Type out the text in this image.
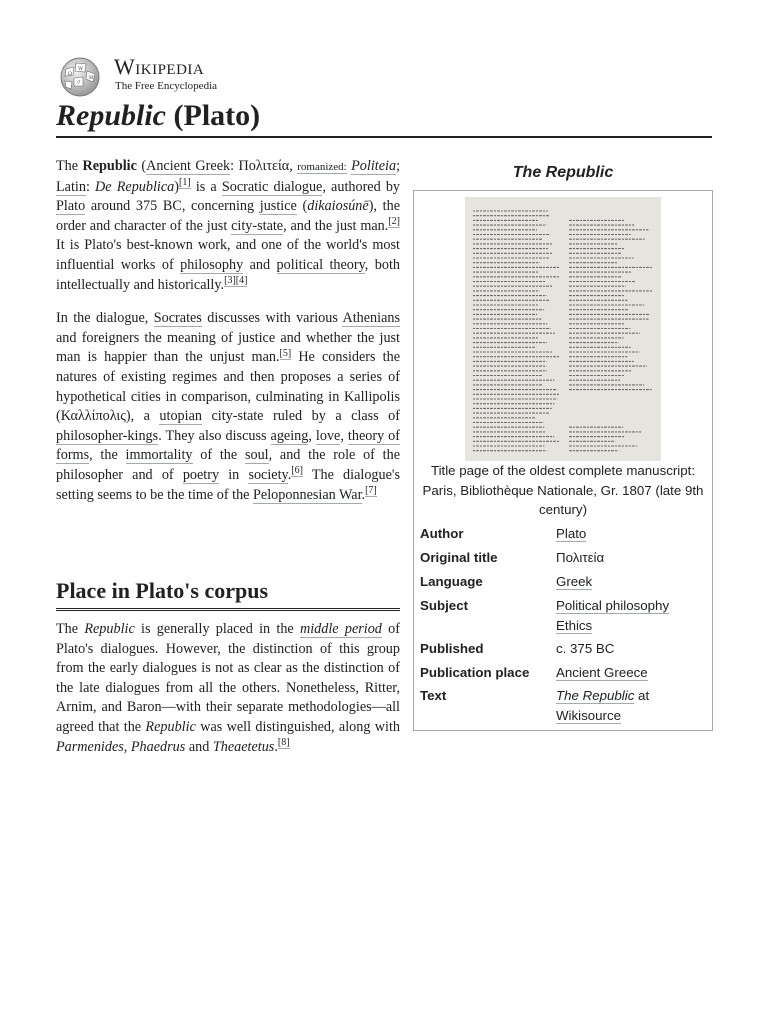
Ω
W
И
ウ
Wikipedia
The Free Encyclopedia
Republic (Plato)

The Republic (Ancient Greek: Πολιτεία, romanized: Politeia; Latin: De Republica)[1] is a Socratic dialogue, authored by Plato around 375 BC, concerning justice (dikaiosúnē), the order and character of the just city-state, and the just man.[2] It is Plato's best-known work, and one of the world's most influential works of philosophy and political theory, both intellectually and historically.[3][4]

In the dialogue, Socrates discusses with various Athenians and foreigners the meaning of justice and whether the just man is happier than the unjust man.[5] He considers the natures of existing regimes and then proposes a series of hypothetical cities in comparison, culminating in Kallipolis (Καλλίπολις), a utopian city-state ruled by a class of philosopher-kings. They also discuss ageing, love, theory of forms, the immortality of the soul, and the role of the philosopher and of poetry in society.[6] The dialogue's setting seems to be the time of the Peloponnesian War.[7]

Place in Plato's corpus

The Republic is generally placed in the middle period of Plato's dialogues. However, the distinction of this group from the early dialogues is not as clear as the distinction of the late dialogues from all the others. Nonetheless, Ritter, Arnim, and Baron—with their separate methodologies—all agreed that the Republic was well distinguished, along with Parmenides, Phaedrus and Theaetetus.[8]

The Republic
Title page of the oldest complete manuscript: Paris, Bibliothèque Nationale, Gr. 1807 (late 9th century)
Author	Plato
Original title	Πολιτεία
Language	Greek
Subject	Political philosophy
Ethics
Published	c. 375 BC
Publication place	Ancient Greece
Text	The Republic at
Wikisource
